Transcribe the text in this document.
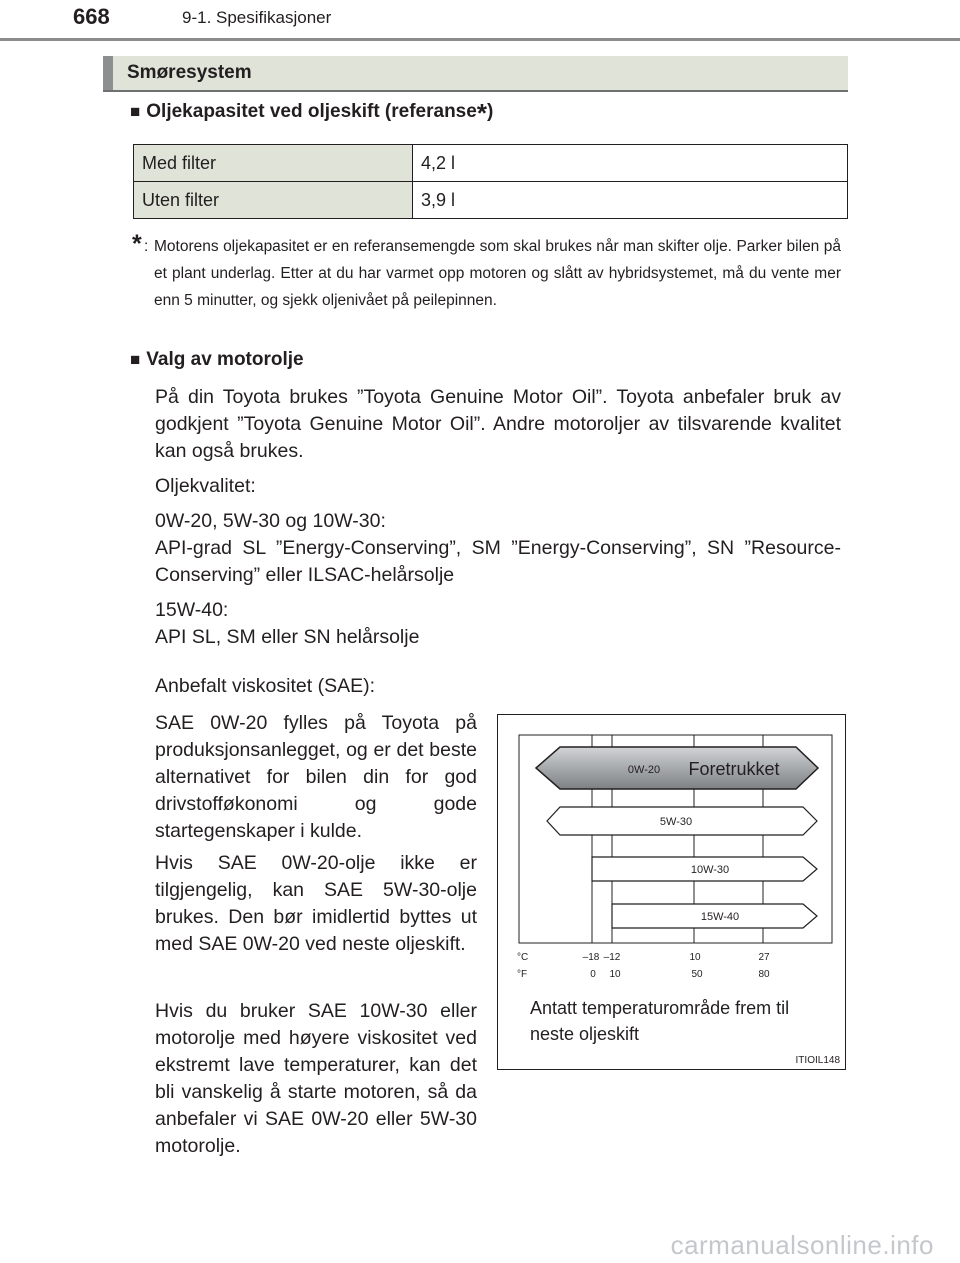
668	9-1. Spesifikasjoner
Smøresystem
■ Oljekapasitet ved oljeskift (referanse*)
Med filter	4,2 l
Uten filter	3,9 l
* : Motorens oljekapasitet er en referansemengde som skal brukes når man skifter olje. Parker bilen på et plant underlag. Etter at du har varmet opp motoren og slått av hybridsystemet, må du vente mer enn 5 minutter, og sjekk oljenivået på peilepinnen.
■ Valg av motorolje
På din Toyota brukes ”Toyota Genuine Motor Oil”. Toyota anbefaler bruk av godkjent ”Toyota Genuine Motor Oil”. Andre motoroljer av tilsvarende kvalitet kan også brukes.
Oljekvalitet:
0W-20, 5W-30 og 10W-30:
API-grad SL ”Energy-Conserving”, SM ”Energy-Conserving”, SN ”Resource-Conserving” eller ILSAC-helårsolje
15W-40:
API SL, SM eller SN helårsolje
Anbefalt viskositet (SAE):
SAE 0W-20 fylles på Toyota på produksjonsanlegget, og er det beste alternativet for bilen din for god drivstofføkonomi og gode startegenskaper i kulde.
Hvis SAE 0W-20-olje ikke er tilgjengelig, kan SAE 5W-30-olje brukes. Den bør imidlertid byttes ut med SAE 0W-20 ved neste oljeskift.
Hvis du bruker SAE 10W-30 eller motorolje med høyere viskositet ved ekstremt lave temperaturer, kan det bli vanskelig å starte motoren, så da anbefaler vi SAE 0W-20 eller 5W-30 motorolje.
0W-20 Foretrukket
5W-30
10W-30
15W-40
°C
°F
–18 –12	10	27
0 10	50	80
Antatt temperaturområde frem til neste oljeskift
ITIOIL148
carmanualsonline.info
